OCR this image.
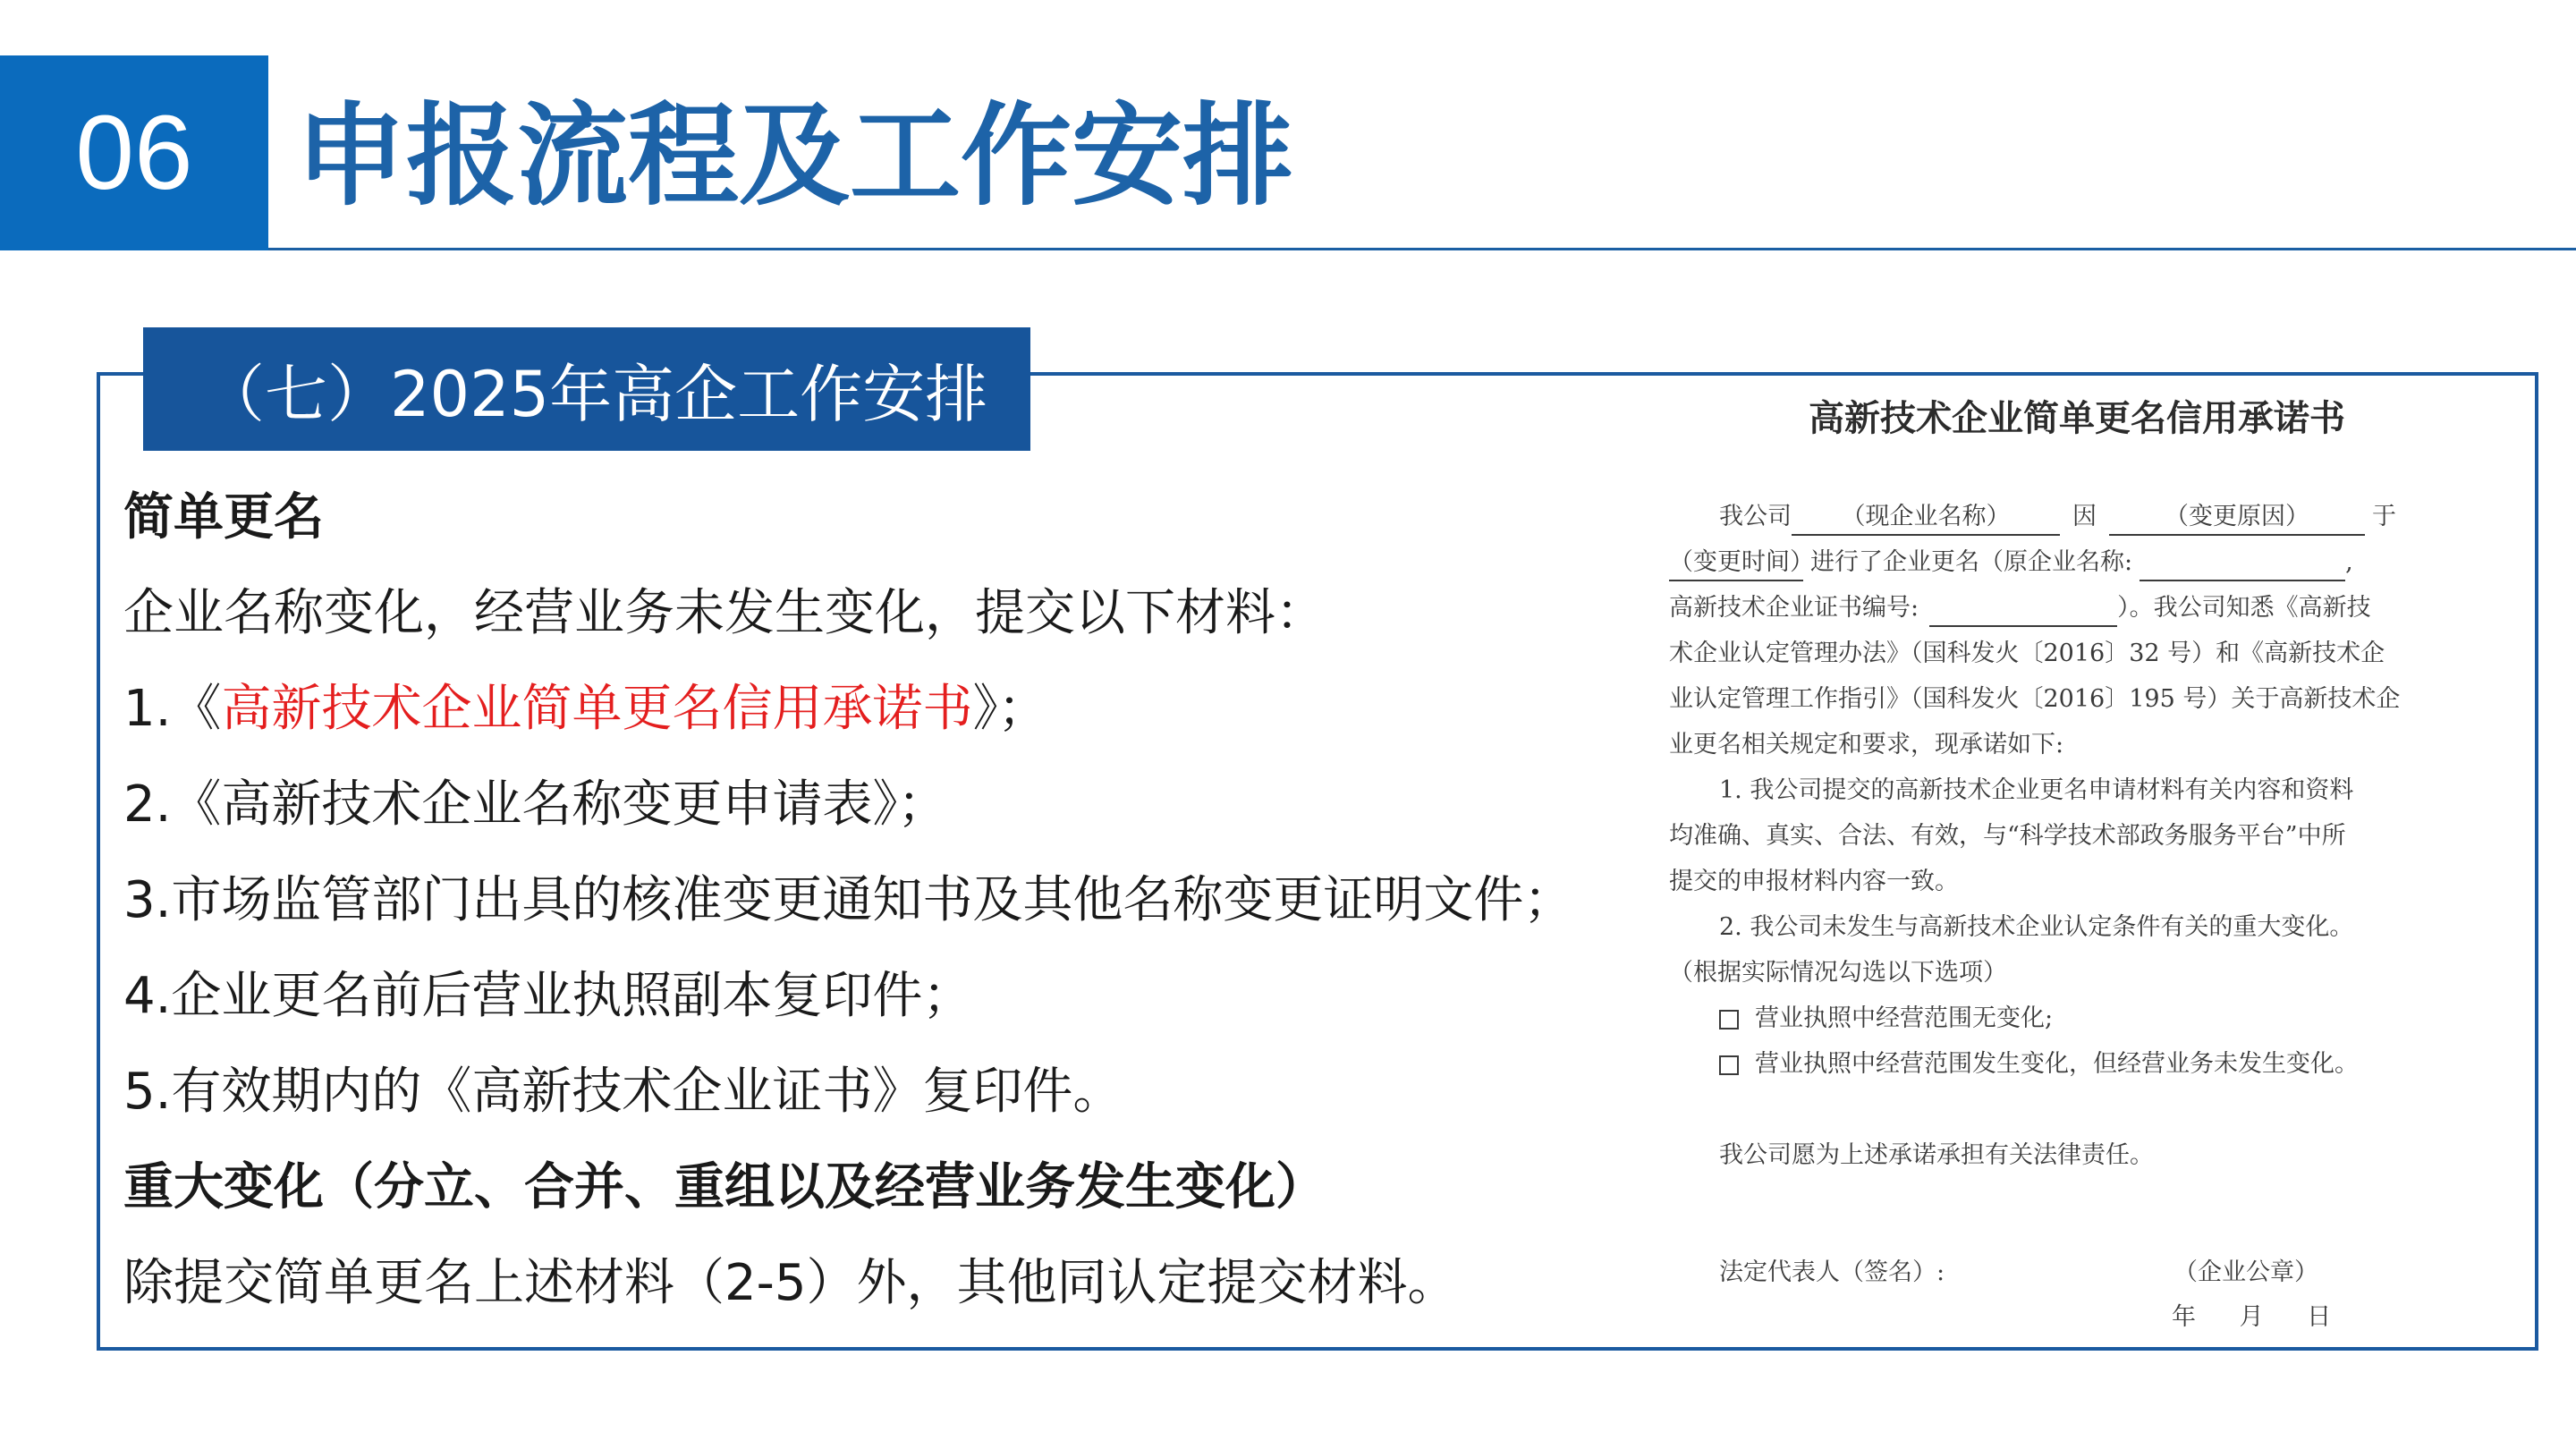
06 申报流程及工作安排
（七）2025年高企工作安排
简单更名
企业名称变化，经营业务未发生变化，提交以下材料：
1.《高新技术企业简单更名信用承诺书》；
2.《高新技术企业名称变更申请表》；
3.市场监管部门出具的核准变更通知书及其他名称变更证明文件；
4.企业更名前后营业执照副本复印件；
5.有效期内的《高新技术企业证书》复印件。
重大变化（分立、合并、重组以及经营业务发生变化）
除提交简单更名上述材料（2-5）外，其他同认定提交材料。
高新技术企业简单更名信用承诺书
我公司 （现企业名称）	因	（变更原因）	于
（变更时间）进行了企业更名（原企业名称:	,
高新技术企业证书编号:	）。我公司知悉《高新技
术企业认定管理办法》（国科发火〔2016〕32 号）和《高新技术企
业认定管理工作指引》（国科发火〔2016〕195 号）关于高新技术企
业更名相关规定和要求，现承诺如下:
1. 我公司提交的高新技术企业更名申请材料有关内容和资料
均准确、真实、合法、有效，与“科学技术部政务服务平台”中所
提交的申报材料内容一致。
2. 我公司未发生与高新技术企业认定条件有关的重大变化。
（根据实际情况勾选以下选项）
营业执照中经营范围无变化;
营业执照中经营范围发生变化，但经营业务未发生变化。
我公司愿为上述承诺承担有关法律责任。
法定代表人（签名）:	（企业公章）
年 月 日
